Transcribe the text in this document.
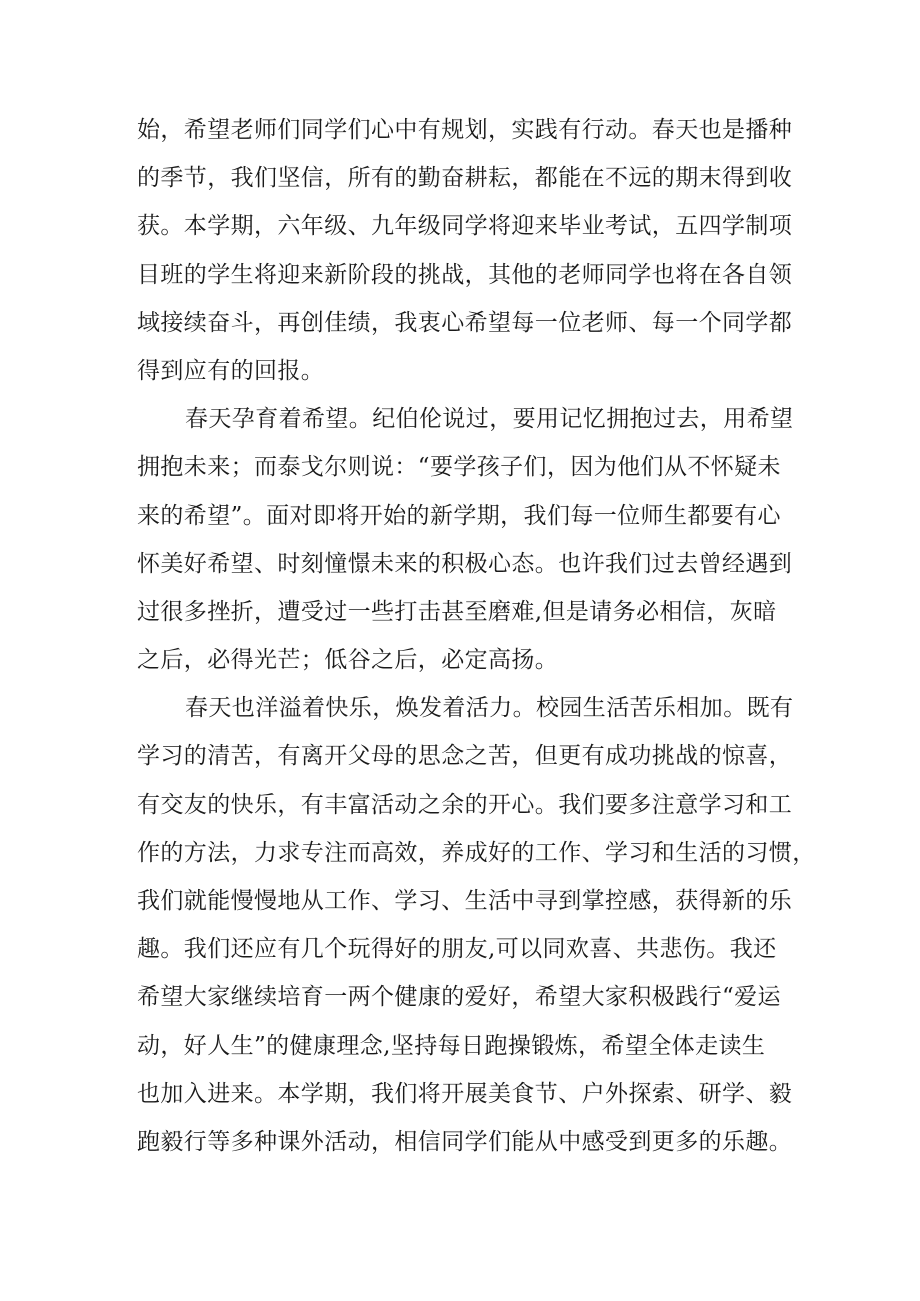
始，希望老师们同学们心中有规划，实践有行动。春天也是播种
的季节，我们坚信，所有的勤奋耕耘，都能在不远的期末得到收
获。本学期，六年级、九年级同学将迎来毕业考试，五四学制项
目班的学生将迎来新阶段的挑战，其他的老师同学也将在各自领
域接续奋斗，再创佳绩，我衷心希望每一位老师、每一个同学都
得到应有的回报。
春天孕育着希望。纪伯伦说过，要用记忆拥抱过去，用希望
拥抱未来；而泰戈尔则说：“要学孩子们，因为他们从不怀疑未
来的希望”。面对即将开始的新学期，我们每一位师生都要有心
怀美好希望、时刻憧憬未来的积极心态。也许我们过去曾经遇到
过很多挫折，遭受过一些打击甚至磨难,但是请务必相信，灰暗
之后，必得光芒；低谷之后，必定高扬。
春天也洋溢着快乐，焕发着活力。校园生活苦乐相加。既有
学习的清苦，有离开父母的思念之苦，但更有成功挑战的惊喜，
有交友的快乐，有丰富活动之余的开心。我们要多注意学习和工
作的方法，力求专注而高效，养成好的工作、学习和生活的习惯，
我们就能慢慢地从工作、学习、生活中寻到掌控感，获得新的乐
趣。我们还应有几个玩得好的朋友,可以同欢喜、共悲伤。我还
希望大家继续培育一两个健康的爱好，希望大家积极践行“爱运
动，好人生”的健康理念,坚持每日跑操锻炼，希望全体走读生
也加入进来。本学期，我们将开展美食节、户外探索、研学、毅
跑毅行等多种课外活动，相信同学们能从中感受到更多的乐趣。
